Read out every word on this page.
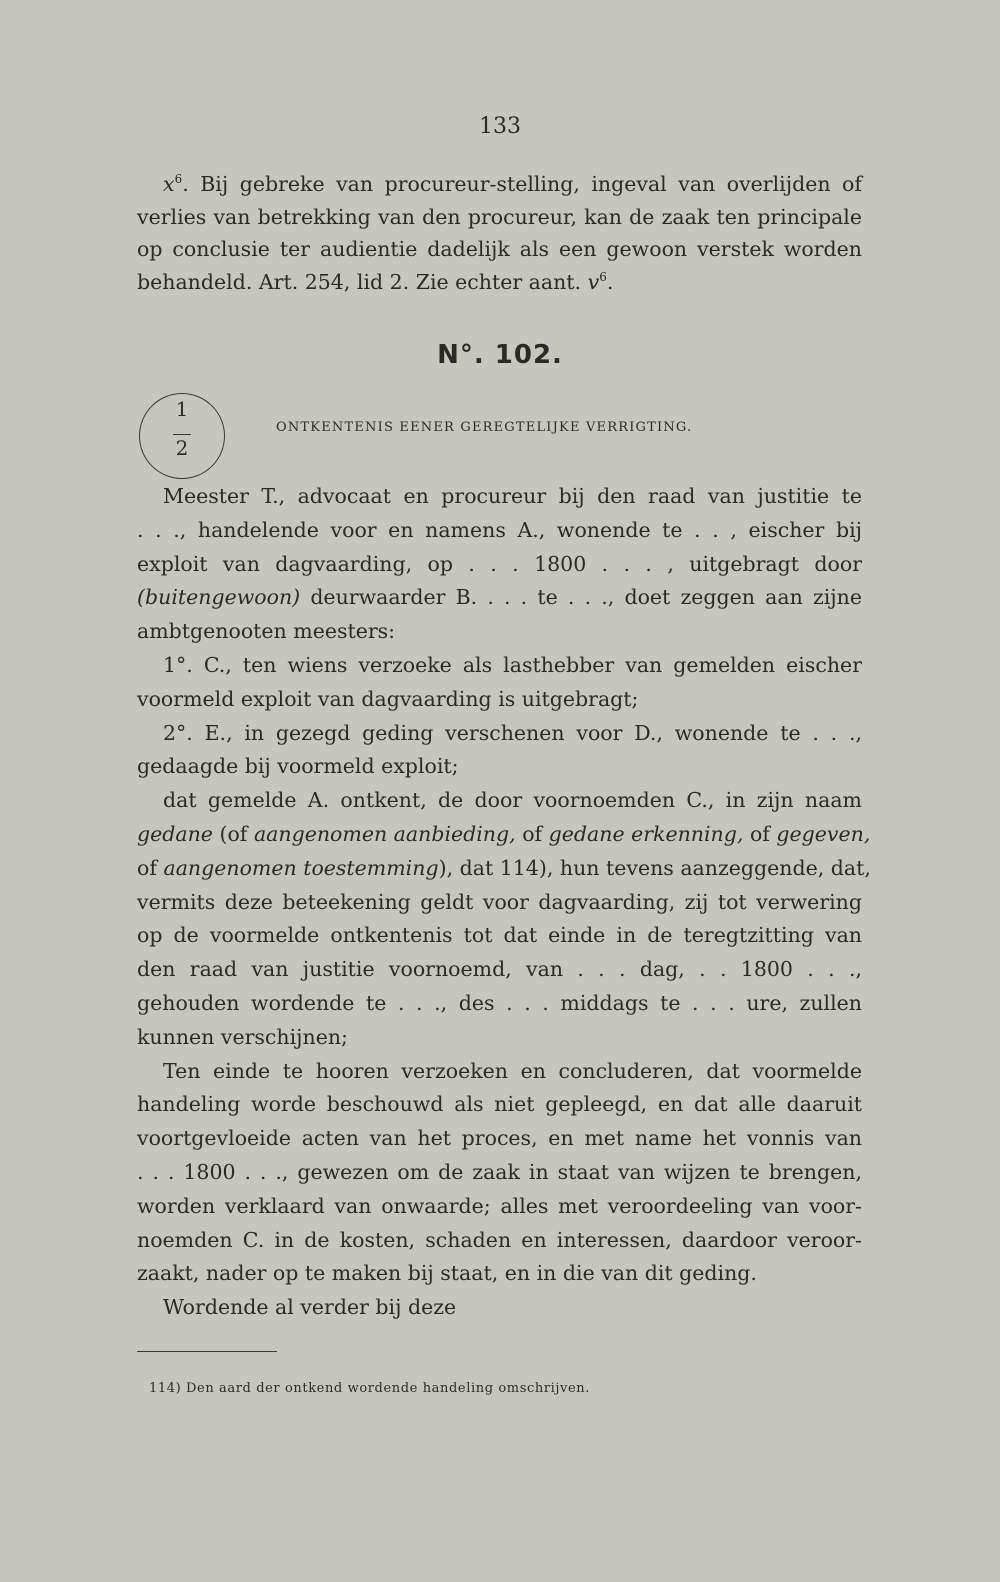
133
$x^6$. Bij gebreke van procureur-stelling, ingeval van overlijden of
verlies van betrekking van den procureur, kan de zaak ten principale
op conclusie ter audientie dadelijk als een gewoon verstek worden
behandeld. Art. 254, lid 2. Zie echter aant. $v^6$.
N°. 102.
1
2
ONTKENTENIS EENER GEREGTELIJKE VERRIGTING.
Meester T., advocaat en procureur bij den raad van justitie te
. . ., handelende voor en namens A., wonende te . . , eischer bij
exploit van dagvaarding, op . . . 1800 . . . , uitgebragt door
(buitengewoon) deurwaarder B. . . . te . . ., doet zeggen aan zijne
ambtgenooten meesters:
1°. C., ten wiens verzoeke als lasthebber van gemelden eischer
voormeld exploit van dagvaarding is uitgebragt;
2°. E., in gezegd geding verschenen voor D., wonende te . . .,
gedaagde bij voormeld exploit;
dat gemelde A. ontkent, de door voornoemden C., in zijn naam
gedane (of aangenomen aanbieding, of gedane erkenning, of gegeven,
of aangenomen toestemming), dat 114), hun tevens aanzeggende, dat,
vermits deze beteekening geldt voor dagvaarding, zij tot verwering
op de voormelde ontkentenis tot dat einde in de teregtzitting van
den raad van justitie voornoemd, van . . . dag, . . 1800 . . .,
gehouden wordende te . . ., des . . . middags te . . . ure, zullen
kunnen verschijnen;
Ten einde te hooren verzoeken en concluderen, dat voormelde
handeling worde beschouwd als niet gepleegd, en dat alle daaruit
voortgevloeide acten van het proces, en met name het vonnis van
. . . 1800 . . ., gewezen om de zaak in staat van wijzen te brengen,
worden verklaard van onwaarde; alles met veroordeeling van voor-
noemden C. in de kosten, schaden en interessen, daardoor veroor-
zaakt, nader op te maken bij staat, en in die van dit geding.
Wordende al verder bij deze
114) Den aard der ontkend wordende handeling omschrijven.
